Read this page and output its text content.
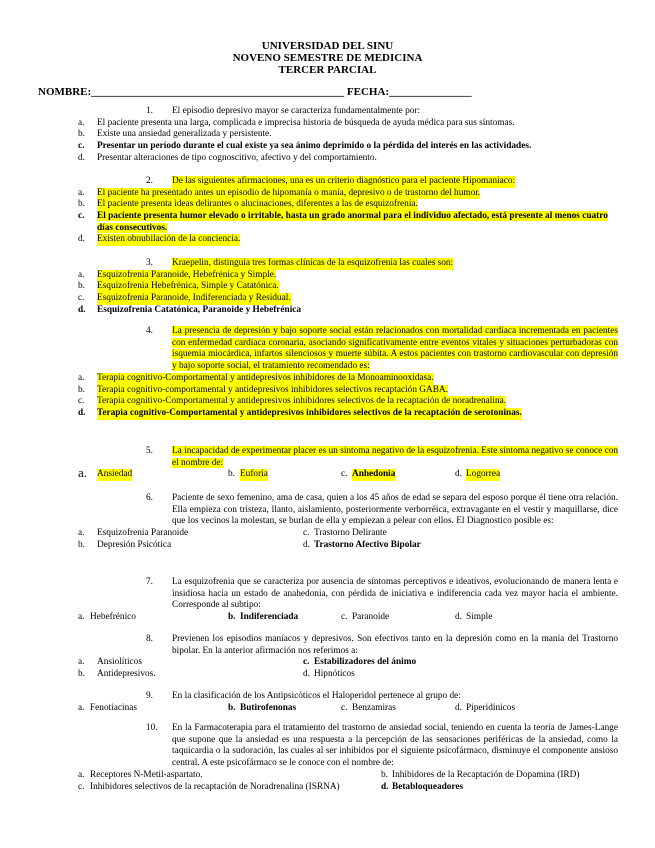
UNIVERSIDAD DEL SINU
NOVENO SEMESTRE DE MEDICINA
TERCER PARCIAL
NOMBRE:______________________________________________ FECHA:_______________
1. El episodio depresivo mayor se caracteriza fundamentalmente por:
a. El paciente presenta una larga, complicada e imprecisa historia de búsqueda de ayuda médica para sus síntomas.
b. Existe una ansiedad generalizada y persistente.
c. Presentar un período durante el cual existe ya sea ánimo deprimido o la pérdida del interés en las actividades.
d. Presentar alteraciones de tipo cognoscitivo, afectivo y del comportamiento.
2. De las siguientes afirmaciones, una es un criterio diagnóstico para el paciente Hipomaníaco:
a. El paciente ha presentado antes un episodio de hipomanía o manía, depresivo o de trastorno del humor.
b. El paciente presenta ideas delirantes o alucinaciones, diferentes a las de esquizofrenia.
c. El paciente presenta humor elevado o irritable, hasta un grado anormal para el individuo afectado, está presente al menos cuatro días consecutivos.
d. Existen obnubilación de la conciencia.
3. Kraepelin, distinguía tres formas clínicas de la esquizofrenia las cuales son:
a. Esquizofrenia Paranoide, Hebefrénica y Simple.
b. Esquizofrenia Hebefrénica, Simple y Catatónica.
c. Esquizofrenia Paranoide, Indiferenciada y Residual.
d. Esquizofrenia Catatónica, Paranoide y Hebefrénica
4. La presencia de depresión y bajo soporte social están relacionados con mortalidad cardíaca incrementada en pacientes con enfermedad cardíaca coronaria, asociando significativamente entre eventos vitales y situaciones perturbadoras con isquemia miocárdica, infartos silenciosos y muerte súbita. A estos pacientes con trastorno cardiovascular con depresión y bajo soporte social, el tratamiento recomendado es:
a. Terapia cognitivo-Comportamental y antidepresivos inhibidores de la Monoaminooxidasa.
b. Terapia cognitivo-comportamental y antidepresivos inhibidores selectivos recaptación GABA.
c. Terapia cognitivo-Comportamental y antidepresivos inhibidores selectivos de la recaptación de noradrenalina.
d. Terapia cognitivo-Comportamental y antidepresivos inhibidores selectivos de la recaptación de serotoninas.
5. La incapacidad de experimentar placer es un síntoma negativo de la esquizofrenia. Este síntoma negativo se conoce con el nombre de:
a. Ansiedad	b. Euforia	c. Anhedonia	d. Logorrea
6. Paciente de sexo femenino, ama de casa, quien a los 45 años de edad se separa del esposo porque él tiene otra relación. Ella empieza con tristeza, llanto, aislamiento, posteriormente verborréica, extravagante en el vestir y maquillarse, dice que los vecinos la molestan, se burlan de ella y empiezan a pelear con ellos. El Diagnostico posible es:
a. Esquizofrenia Paranoide	c. Trastorno Delirante
b. Depresión Psicótica	d. Trastorno Afectivo Bipolar
7. La esquizofrenia que se caracteriza por ausencia de síntomas perceptivos e ideativos, evolucionando de manera lenta e insidiosa hacia un estado de anahedonia, con pérdida de iniciativa e indiferencia cada vez mayor hacia el ambiente. Corresponde al subtipo:
a. Hebefrénico	b. Indiferenciada	c. Paranoide	d. Simple
8. Previenen los episodios maníacos y depresivos. Son efectivos tanto en la depresión como en la manía del Trastorno bipolar. En la anterior afirmación nos referimos a:
a. Ansiolíticos	c. Estabilizadores del ánimo
b. Antidepresivos.	d. Hipnóticos
9. En la clasificación de los Antipsicóticos el Haloperidol pertenece al grupo de:
a. Fenotiacinas	b. Butirofenonas	c. Benzamiras	d. Piperidínicos
10. En la Farmacoterapia para el tratamiento del trastorno de ansiedad social, teniendo en cuenta la teoría de James-Lange que supone que la ansiedad es una respuesta a la percepción de las sensaciones periféricas de la ansiedad, como la taquicardia o la sudoración, las cuales al ser inhibidos por el siguiente psicofármaco, disminuye el componente ansioso central. A este psicofármaco se le conoce con el nombre de:
a. Receptores N-Metil-aspartato.	b. Inhibidores de la Recaptación de Dopamina (IRD)
c. Inhibidores selectivos de la recaptación de Noradrenalina (ISRNA)	d. Betabloqueadores
